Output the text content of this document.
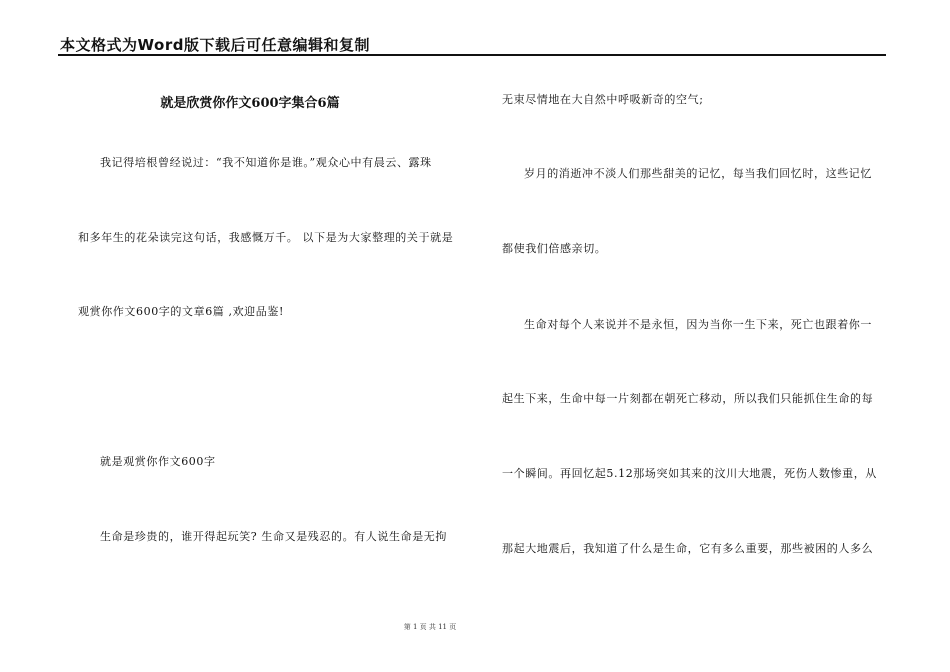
本文格式为Word版下载后可任意编辑和复制
就是欣赏你作文600字集合6篇
我记得培根曾经说过：“我不知道你是谁。”观众心中有晨云、露珠
和多年生的花朵读完这句话，我感慨万千。 以下是为大家整理的关于就是
观赏你作文600字的文章6篇 ,欢迎品鉴!
就是观赏你作文600字
生命是珍贵的，谁开得起玩笑? 生命又是残忍的。有人说生命是无拘
无束尽情地在大自然中呼吸新奇的空气;
岁月的消逝冲不淡人们那些甜美的记忆，每当我们回忆时，这些记忆
都使我们倍感亲切。
生命对每个人来说并不是永恒，因为当你一生下来，死亡也跟着你一
起生下来，生命中每一片刻都在朝死亡移动，所以我们只能抓住生命的每
一个瞬间。再回忆起5.12那场突如其来的汶川大地震，死伤人数惨重，从
那起大地震后，我知道了什么是生命，它有多么重要，那些被困的人多么
第 1 页 共 11 页
